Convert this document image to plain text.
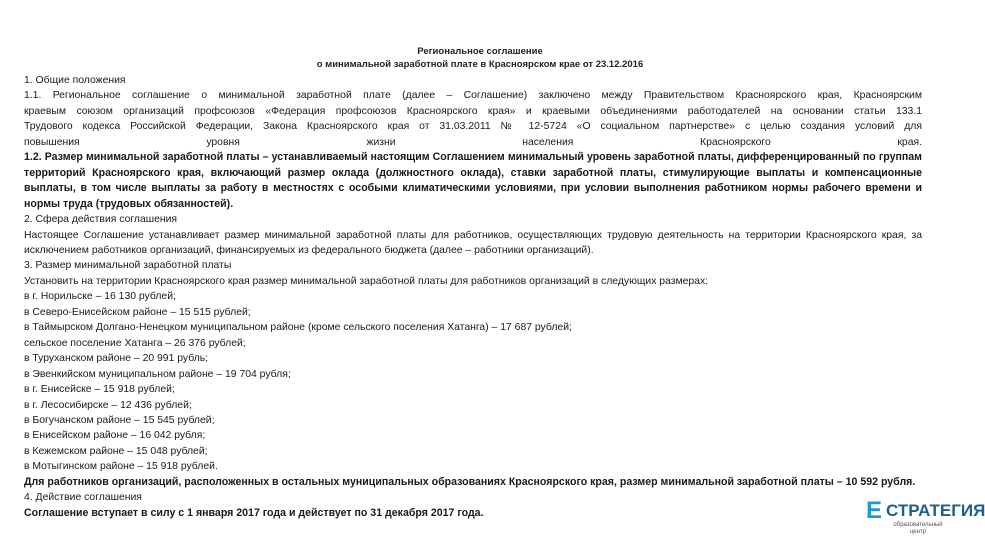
Региональное соглашение
о минимальной заработной плате в Красноярском крае от 23.12.2016

1. Общие положения

1.1. Региональное соглашение о минимальной заработной плате (далее – Соглашение) заключено между Правительством Красноярского края, Красноярским

краевым союзом организаций профсоюзов «Федерация профсоюзов Красноярского края» и краевыми объединениями работодателей на основании статьи 133.1

Трудового кодекса Российской Федерации, Закона Красноярского края от 31.03.2011 № 12-5724 «О социальном партнерстве» с целью создания условий для

повышения уровня жизни населения Красноярского края.

1.2. Размер минимальной заработной платы – устанавливаемый настоящим Соглашением минимальный уровень заработной платы, дифференцированный по группам территорий Красноярского края, включающий размер оклада (должностного оклада), ставки заработной платы, стимулирующие выплаты и компенсационные выплаты, в том числе выплаты за работу в местностях с особыми климатическими условиями, при условии выполнения работником нормы рабочего времени и нормы труда (трудовых обязанностей).

2. Сфера действия соглашения

Настоящее Соглашение устанавливает размер минимальной заработной платы для работников, осуществляющих трудовую деятельность на территории Красноярского края, за исключением работников организаций, финансируемых из федерального бюджета (далее – работники организаций).

3. Размер минимальной заработной платы

Установить на территории Красноярского края размер минимальной заработной платы для работников организаций в следующих размерах:

в г. Норильске – 16 130 рублей;

в Северо-Енисейском районе – 15 515 рублей;

в Таймырском Долгано-Ненецком муниципальном районе (кроме сельского поселения Хатанга) – 17 687 рублей;

сельское поселение Хатанга – 26 376 рублей;

в Туруханском районе – 20 991 рубль;

в Эвенкийском муниципальном районе – 19 704 рубля;

в г. Енисейске – 15 918 рублей;

в г. Лесосибирске – 12 436 рублей;

в Богучанском районе – 15 545 рублей;

в Енисейском районе – 16 042 рубля;

в Кежемском районе – 15 048 рублей;

в Мотыгинском районе – 15 918 рублей.

Для работников организаций, расположенных в остальных муниципальных образованиях Красноярского края, размер минимальной заработной платы – 10 592 рубля.

4. Действие соглашения

Соглашение вступает в силу с 1 января 2017 года и действует по 31 декабря 2017 года.	Е СТРАТЕГИЯ
образовательный центр
